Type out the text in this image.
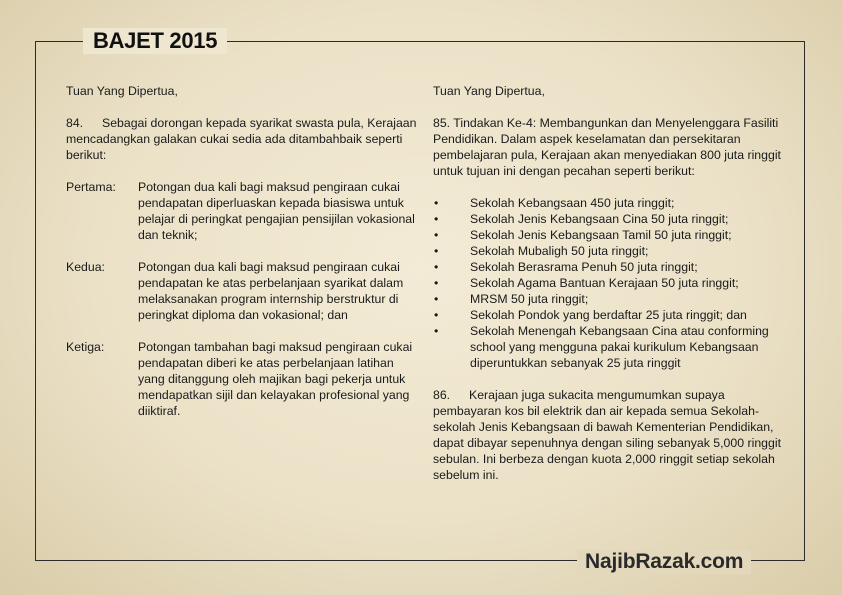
BAJET 2015

Tuan Yang Dipertua,

84. Sebagai dorongan kepada syarikat swasta pula, Kerajaan mencadangkan galakan cukai sedia ada ditambahbaik seperti berikut:

Pertama:	Potongan dua kali bagi maksud pengiraan cukai pendapatan diperluaskan kepada biasiswa untuk pelajar di peringkat pengajian pensijilan vokasional dan teknik;
Kedua:	Potongan dua kali bagi maksud pengiraan cukai pendapatan ke atas perbelanjaan syarikat dalam melaksanakan program internship berstruktur di peringkat diploma dan vokasional; dan
Ketiga:	Potongan tambahan bagi maksud pengiraan cukai pendapatan diberi ke atas perbelanjaan latihan yang ditanggung oleh majikan bagi pekerja untuk mendapatkan sijil dan kelayakan profesional yang diiktiraf.

Tuan Yang Dipertua,

85. Tindakan Ke-4: Membangunkan dan Menyelenggara Fasiliti Pendidikan. Dalam aspek keselamatan dan persekitaran pembelajaran pula, Kerajaan akan menyediakan 800 juta ringgit untuk tujuan ini dengan pecahan seperti berikut:

•	Sekolah Kebangsaan 450 juta ringgit;
•	Sekolah Jenis Kebangsaan Cina 50 juta ringgit;
•	Sekolah Jenis Kebangsaan Tamil 50 juta ringgit;
•	Sekolah Mubaligh 50 juta ringgit;
•	Sekolah Berasrama Penuh 50 juta ringgit;
•	Sekolah Agama Bantuan Kerajaan 50 juta ringgit;
•	MRSM 50 juta ringgit;
•	Sekolah Pondok yang berdaftar 25 juta ringgit; dan
•	Sekolah Menengah Kebangsaan Cina atau conforming school yang mengguna pakai kurikulum Kebangsaan diperuntukkan sebanyak 25 juta ringgit

86. Kerajaan juga sukacita mengumumkan supaya pembayaran kos bil elektrik dan air kepada semua Sekolah-sekolah Jenis Kebangsaan di bawah Kementerian Pendidikan, dapat dibayar sepenuhnya dengan siling sebanyak 5,000 ringgit sebulan. Ini berbeza dengan kuota 2,000 ringgit setiap sekolah sebelum ini.

NajibRazak.com
